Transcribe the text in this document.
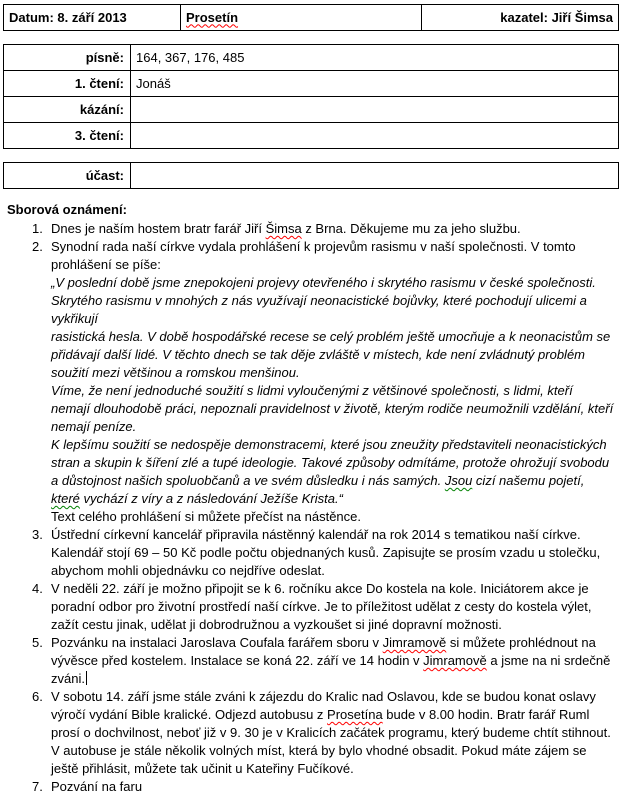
Datum: 8. září 2013	Prosetín	kazatel: Jiří Šimsa
písně:	164, 367, 176, 485
1. čtení:	Jonáš
kázání:	
3. čtení:	
účast:	
Sborová oznámení:
1. Dnes je naším hostem bratr farář Jiří Šimsa z Brna. Děkujeme mu za jeho službu.

2. Synodní rada naší církve vydala prohlášení k projevům rasismu v naší společnosti. V tomto prohlášení se píše:

„V poslední době jsme znepokojeni projevy otevřeného i skrytého rasismu v české společnosti. Skrytého rasismu v mnohých z nás využívají neonacistické bojůvky, které pochodují ulicemi a vykřikují

rasistická hesla. V době hospodářské recese se celý problém ještě umocňuje a k neonacistům se přidávají další lidé. V těchto dnech se tak děje zvláště v místech, kde není zvládnutý problém soužití mezi většinou a romskou menšinou.

Víme, že není jednoduché soužití s lidmi vyloučenými z většinové společnosti, s lidmi, kteří nemají dlouhodobě práci, nepoznali pravidelnost v životě, kterým rodiče neumožnili vzdělání, kteří nemají peníze.

K lepšímu soužití se nedospěje demonstracemi, které jsou zneužity představiteli neonacistických stran a skupin k šíření zlé a tupé ideologie. Takové způsoby odmítáme, protože ohrožují svobodu a důstojnost našich spoluobčanů a ve svém důsledku i nás samých. Jsou cizí našemu pojetí, které vychází z víry a z následování Ježíše Krista.“

Text celého prohlášení si můžete přečíst na nástěnce.

3. Ústřední církevní kancelář připravila nástěnný kalendář na rok 2014 s tematikou naší církve. Kalendář stojí 69 – 50 Kč podle počtu objednaných kusů. Zapisujte se prosím vzadu u stolečku, abychom mohli objednávku co nejdříve odeslat.

4. V neděli 22. září je možno připojit se k 6. ročníku akce Do kostela na kole. Iniciátorem akce je poradní odbor pro životní prostředí naší církve. Je to příležitost udělat z cesty do kostela výlet, zažít cestu jinak, udělat ji dobrodružnou a vyzkoušet si jiné dopravní možnosti.

5. Pozvánku na instalaci Jaroslava Coufala farářem sboru v Jimramově si můžete prohlédnout na vývěsce před kostelem. Instalace se koná 22. září ve 14 hodin v Jimramově a jsme na ni srdečně zváni.

6. V sobotu 14. září jsme stále zváni k zájezdu do Kralic nad Oslavou, kde se budou konat oslavy výročí vydání Bible kralické. Odjezd autobusu z Prosetína bude v 8.00 hodin. Bratr farář Ruml prosí o dochvilnost, neboť již v 9. 30 je v Kralicích začátek programu, který budeme chtít stihnout.

V autobuse je stále několik volných míst, která by bylo vhodné obsadit. Pokud máte zájem se ještě přihlásit, můžete tak učinit u Kateřiny Fučíkové.

7. Pozvání na faru
